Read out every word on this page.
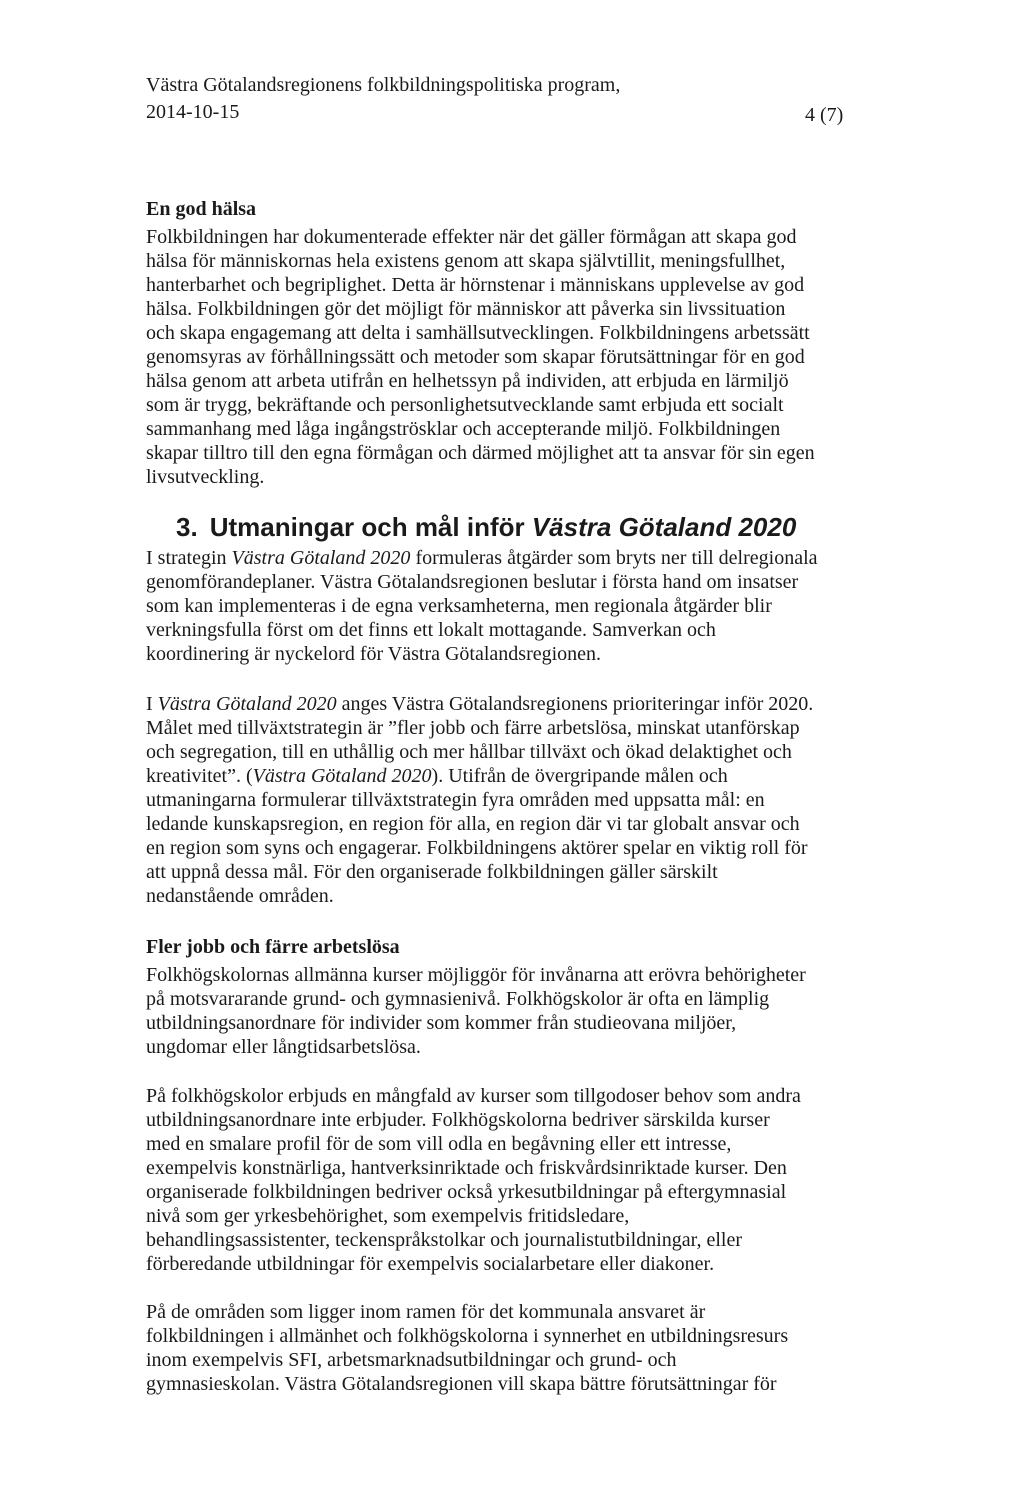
Västra Götalandsregionens folkbildningspolitiska program,
2014-10-15	4 (7)
En god hälsa
Folkbildningen har dokumenterade effekter när det gäller förmågan att skapa god
hälsa för människornas hela existens genom att skapa självtillit, meningsfullhet,
hanterbarhet och begriplighet. Detta är hörnstenar i människans upplevelse av god
hälsa. Folkbildningen gör det möjligt för människor att påverka sin livssituation
och skapa engagemang att delta i samhällsutvecklingen. Folkbildningens arbetssätt
genomsyras av förhållningssätt och metoder som skapar förutsättningar för en god
hälsa genom att arbeta utifrån en helhetssyn på individen, att erbjuda en lärmiljö
som är trygg, bekräftande och personlighetsutvecklande samt erbjuda ett socialt
sammanhang med låga ingångströsklar och accepterande miljö. Folkbildningen
skapar tilltro till den egna förmågan och därmed möjlighet att ta ansvar för sin egen
livsutveckling.
3. Utmaningar och mål inför Västra Götaland 2020
I strategin Västra Götaland 2020 formuleras åtgärder som bryts ner till delregionala
genomförandeplaner. Västra Götalandsregionen beslutar i första hand om insatser
som kan implementeras i de egna verksamheterna, men regionala åtgärder blir
verkningsfulla först om det finns ett lokalt mottagande. Samverkan och
koordinering är nyckelord för Västra Götalandsregionen.
I Västra Götaland 2020 anges Västra Götalandsregionens prioriteringar inför 2020.
Målet med tillväxtstrategin är ”fler jobb och färre arbetslösa, minskat utanförskap
och segregation, till en uthållig och mer hållbar tillväxt och ökad delaktighet och
kreativitet”. (Västra Götaland 2020). Utifrån de övergripande målen och
utmaningarna formulerar tillväxtstrategin fyra områden med uppsatta mål: en
ledande kunskapsregion, en region för alla, en region där vi tar globalt ansvar och
en region som syns och engagerar. Folkbildningens aktörer spelar en viktig roll för
att uppnå dessa mål. För den organiserade folkbildningen gäller särskilt
nedanstående områden.
Fler jobb och färre arbetslösa
Folkhögskolornas allmänna kurser möjliggör för invånarna att erövra behörigheter
på motsvararande grund- och gymnasienivå. Folkhögskolor är ofta en lämplig
utbildningsanordnare för individer som kommer från studieovana miljöer,
ungdomar eller långtidsarbetslösa.
På folkhögskolor erbjuds en mångfald av kurser som tillgodoser behov som andra
utbildningsanordnare inte erbjuder. Folkhögskolorna bedriver särskilda kurser
med en smalare profil för de som vill odla en begåvning eller ett intresse,
exempelvis konstnärliga, hantverksinriktade och friskvårdsinriktade kurser. Den
organiserade folkbildningen bedriver också yrkesutbildningar på eftergymnasial
nivå som ger yrkesbehörighet, som exempelvis fritidsledare,
behandlingsassistenter, teckenspråkstolkar och journalistutbildningar, eller
förberedande utbildningar för exempelvis socialarbetare eller diakoner.
På de områden som ligger inom ramen för det kommunala ansvaret är
folkbildningen i allmänhet och folkhögskolorna i synnerhet en utbildningsresurs
inom exempelvis SFI, arbetsmarknadsutbildningar och grund- och
gymnasieskolan. Västra Götalandsregionen vill skapa bättre förutsättningar för
